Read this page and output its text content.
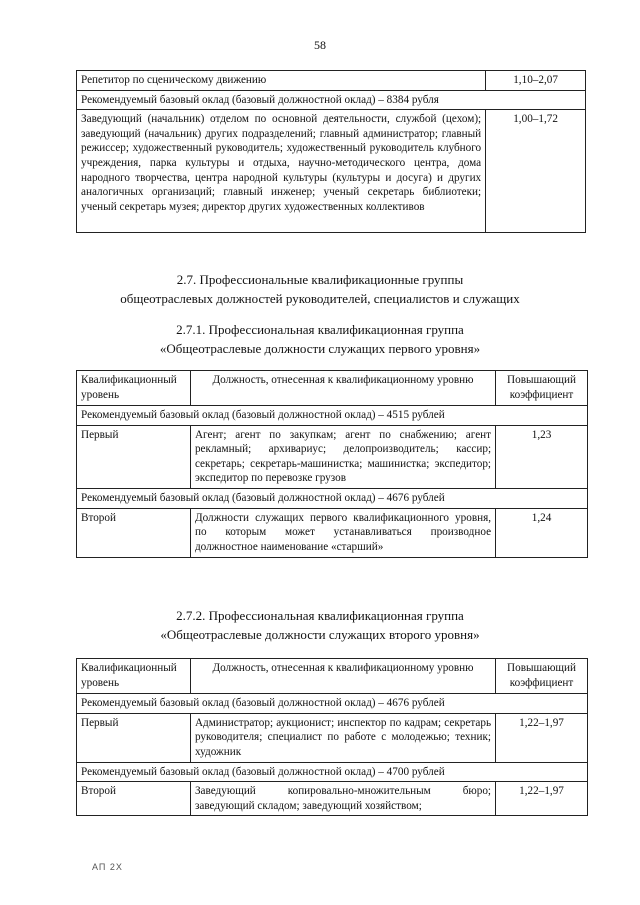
58
Репетитор по сценическому движению	1,10–2,07
Рекомендуемый базовый оклад (базовый должностной оклад) – 8384 рубля	
Заведующий (начальник) отделом по основной деятельности, службой (цехом); заведующий (начальник) других подразделений; главный администратор; главный режиссер; художественный руководитель; художественный руководитель клубного учреждения, парка культуры и отдыха, научно-методического центра, дома народного творчества, центра народной культуры (культуры и досуга) и других аналогичных организаций; главный инженер; ученый секретарь библиотеки; ученый секретарь музея; директор других художественных коллективов	1,00–1,72
2.7. Профессиональные квалификационные группы
общеотраслевых должностей руководителей, специалистов и служащих
2.7.1. Профессиональная квалификационная группа
«Общеотраслевые должности служащих первого уровня»
Квалификационный уровень	Должность, отнесенная к квалификационному уровню	Повышающий коэффициент
Рекомендуемый базовый оклад (базовый должностной оклад) – 4515 рублей		
Первый	Агент; агент по закупкам; агент по снабжению; агент рекламный; архивариус; делопроизводитель; кассир; секретарь; секретарь-машинистка; машинистка; экспедитор; экспедитор по перевозке грузов	1,23
Рекомендуемый базовый оклад (базовый должностной оклад) – 4676 рублей		
Второй	Должности служащих первого квалификационного уровня, по которым может устанавливаться производное должностное наименование «старший»	1,24
2.7.2. Профессиональная квалификационная группа
«Общеотраслевые должности служащих второго уровня»
Квалификационный уровень	Должность, отнесенная к квалификационному уровню	Повышающий коэффициент
Рекомендуемый базовый оклад (базовый должностной оклад) – 4676 рублей		
Первый	Администратор; аукционист; инспектор по кадрам; секретарь руководителя; специалист по работе с молодежью; техник; художник	1,22–1,97
Рекомендуемый базовый оклад (базовый должностной оклад) – 4700 рублей		
Второй	Заведующий копировально-множительным бюро; заведующий складом; заведующий хозяйством;	1,22–1,97
АП 2Х
